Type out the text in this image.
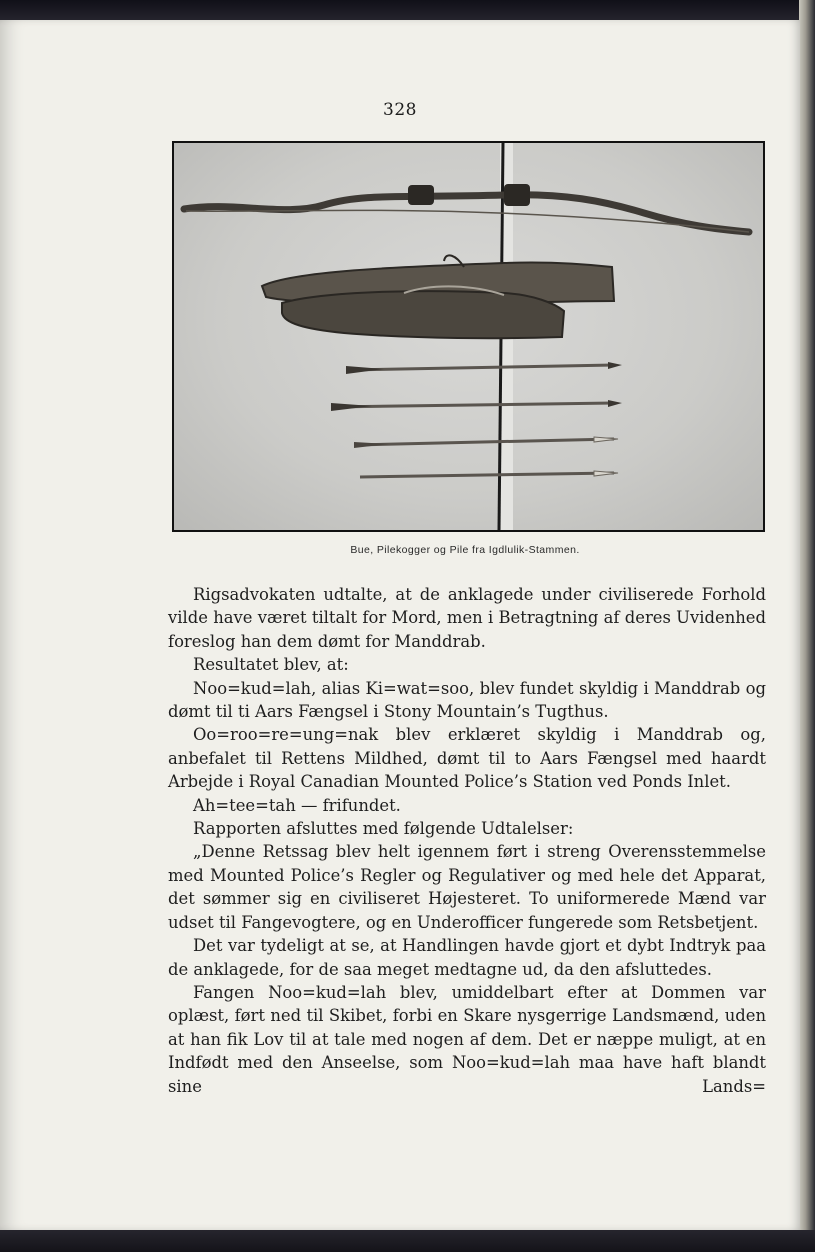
328
Bue, Pilekogger og Pile fra Igdlulik-Stammen.

Rigsadvokaten udtalte, at de anklagede under civiliserede Forhold vilde have været tiltalt for Mord, men i Betragtning af deres Uvidenhed foreslog han dem dømt for Manddrab.

Resultatet blev, at:

Noo=kud=lah, alias Ki=wat=soo, blev fundet skyldig i Manddrab og dømt til ti Aars Fængsel i Stony Mountain’s Tugthus.

Oo=roo=re=ung=nak blev erklæret skyldig i Manddrab og, anbefalet til Rettens Mildhed, dømt til to Aars Fængsel med haardt Arbejde i Royal Canadian Mounted Police’s Station ved Ponds Inlet.

Ah=tee=tah — frifundet.

Rapporten afsluttes med følgende Udtalelser:

„Denne Retssag blev helt igennem ført i streng Overensstemmelse med Mounted Police’s Regler og Regulativer og med hele det Apparat, det sømmer sig en civiliseret Højesteret. To uniformerede Mænd var udset til Fangevogtere, og en Underofficer fungerede som Retsbetjent.

Det var tydeligt at se, at Handlingen havde gjort et dybt Indtryk paa de anklagede, for de saa meget medtagne ud, da den afsluttedes.

Fangen Noo=kud=lah blev, umiddelbart efter at Dommen var oplæst, ført ned til Skibet, forbi en Skare nysgerrige Landsmænd, uden at han fik Lov til at tale med nogen af dem. Det er næppe muligt, at en Indfødt med den Anseelse, som Noo=kud=lah maa have haft blandt sine Lands=
